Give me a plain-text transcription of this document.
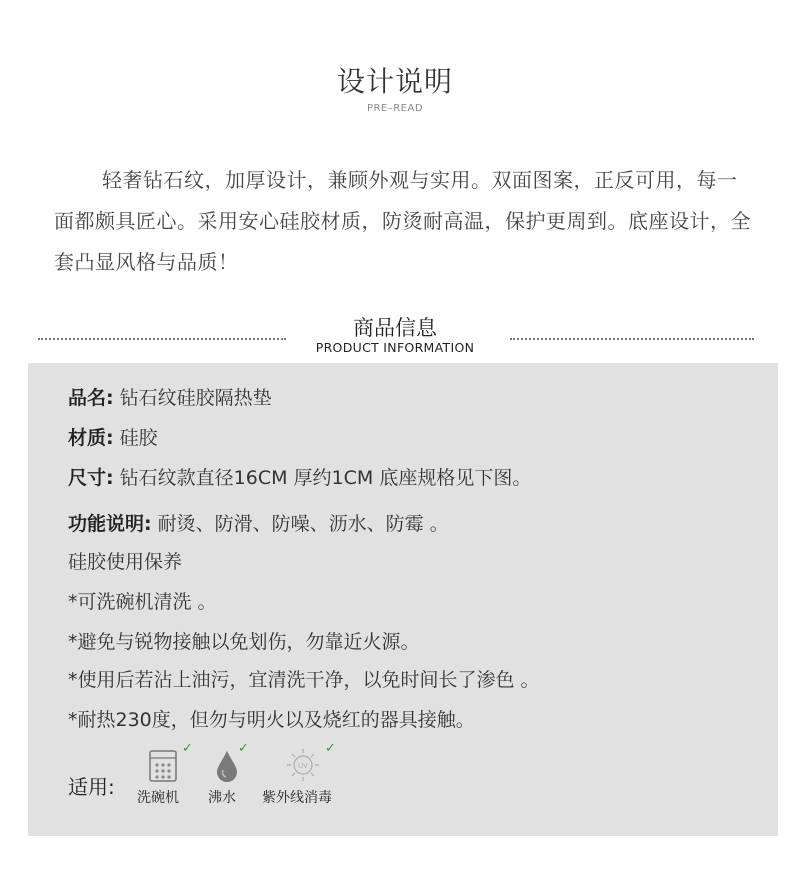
设计说明
PRE–READ
轻奢钻石纹，加厚设计，兼顾外观与实用。双面图案，正反可用，每一面都颇具匠心。采用安心硅胶材质，防烫耐高温，保护更周到。底座设计，全套凸显风格与品质！
商品信息
PRODUCT INFORMATION
品名: 钻石纹硅胶隔热垫
材质: 硅胶
尺寸: 钻石纹款直径16CM 厚约1CM 底座规格见下图。
功能说明: 耐烫、防滑、防噪、沥水、防霉 。
硅胶使用保养
*可洗碗机清洗 。
*避免与锐物接触以免划伤，勿靠近火源。
*使用后若沾上油污，宜清洗干净，以免时间长了渗色 。
*耐热230度，但勿与明火以及烧红的器具接触。
适用:
✓
洗碗机
✓
沸水
UV
✓
紫外线消毒
